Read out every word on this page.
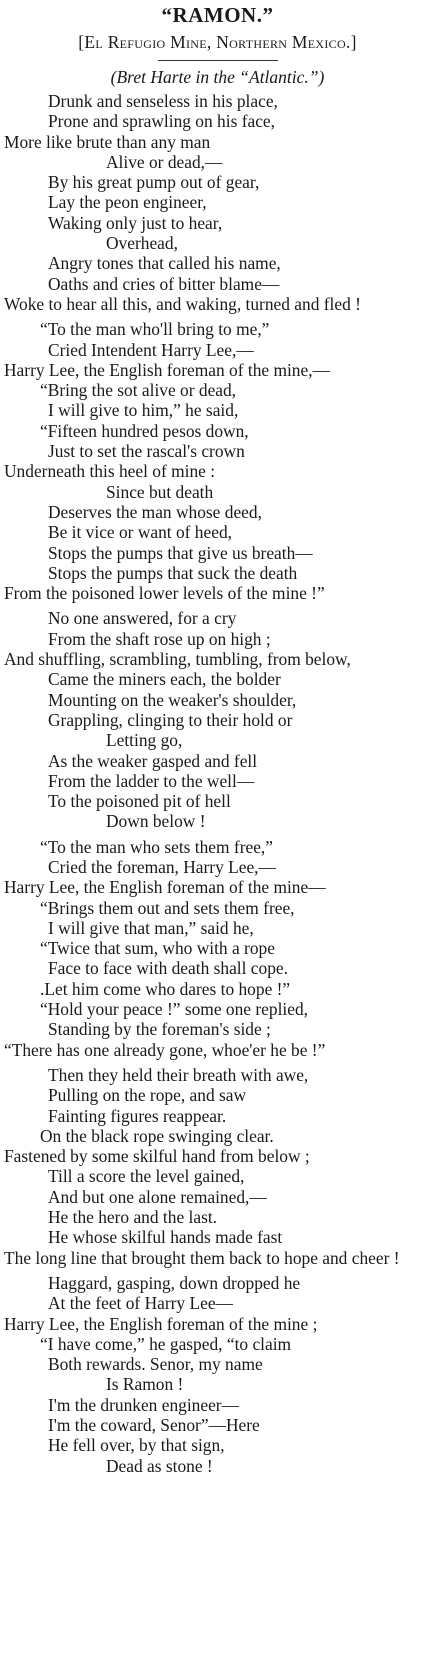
“RAMON.”

[El Refugio Mine, Northern Mexico.]

(Bret Harte in the “Atlantic.”)

Drunk and senseless in his place,
Prone and sprawling on his face,
More like brute than any man
Alive or dead,—
By his great pump out of gear,
Lay the peon engineer,
Waking only just to hear,
Overhead,
Angry tones that called his name,
Oaths and cries of bitter blame—
Woke to hear all this, and waking, turned and fled !
“To the man who'll bring to me,”
Cried Intendent Harry Lee,—
Harry Lee, the English foreman of the mine,—
“Bring the sot alive or dead,
I will give to him,” he said,
“Fifteen hundred pesos down,
Just to set the rascal's crown
Underneath this heel of mine :
Since but death
Deserves the man whose deed,
Be it vice or want of heed,
Stops the pumps that give us breath—
Stops the pumps that suck the death
From the poisoned lower levels of the mine !”
No one answered, for a cry
From the shaft rose up on high ;
And shuffling, scrambling, tumbling, from below,
Came the miners each, the bolder
Mounting on the weaker's shoulder,
Grappling, clinging to their hold or
Letting go,
As the weaker gasped and fell
From the ladder to the well—
To the poisoned pit of hell
Down below !
“To the man who sets them free,”
Cried the foreman, Harry Lee,—
Harry Lee, the English foreman of the mine—
“Brings them out and sets them free,
I will give that man,” said he,
“Twice that sum, who with a rope
Face to face with death shall cope.
.Let him come who dares to hope !”
“Hold your peace !” some one replied,
Standing by the foreman's side ;
“There has one already gone, whoe'er he be !”
Then they held their breath with awe,
Pulling on the rope, and saw
Fainting figures reappear.
On the black rope swinging clear.
Fastened by some skilful hand from below ;
Till a score the level gained,
And but one alone remained,—
He the hero and the last.
He whose skilful hands made fast
The long line that brought them back to hope and cheer !
Haggard, gasping, down dropped he
At the feet of Harry Lee—
Harry Lee, the English foreman of the mine ;
“I have come,” he gasped, “to claim
Both rewards. Senor, my name
Is Ramon !
I'm the drunken engineer—
I'm the coward, Senor”—Here
He fell over, by that sign,
Dead as stone !
